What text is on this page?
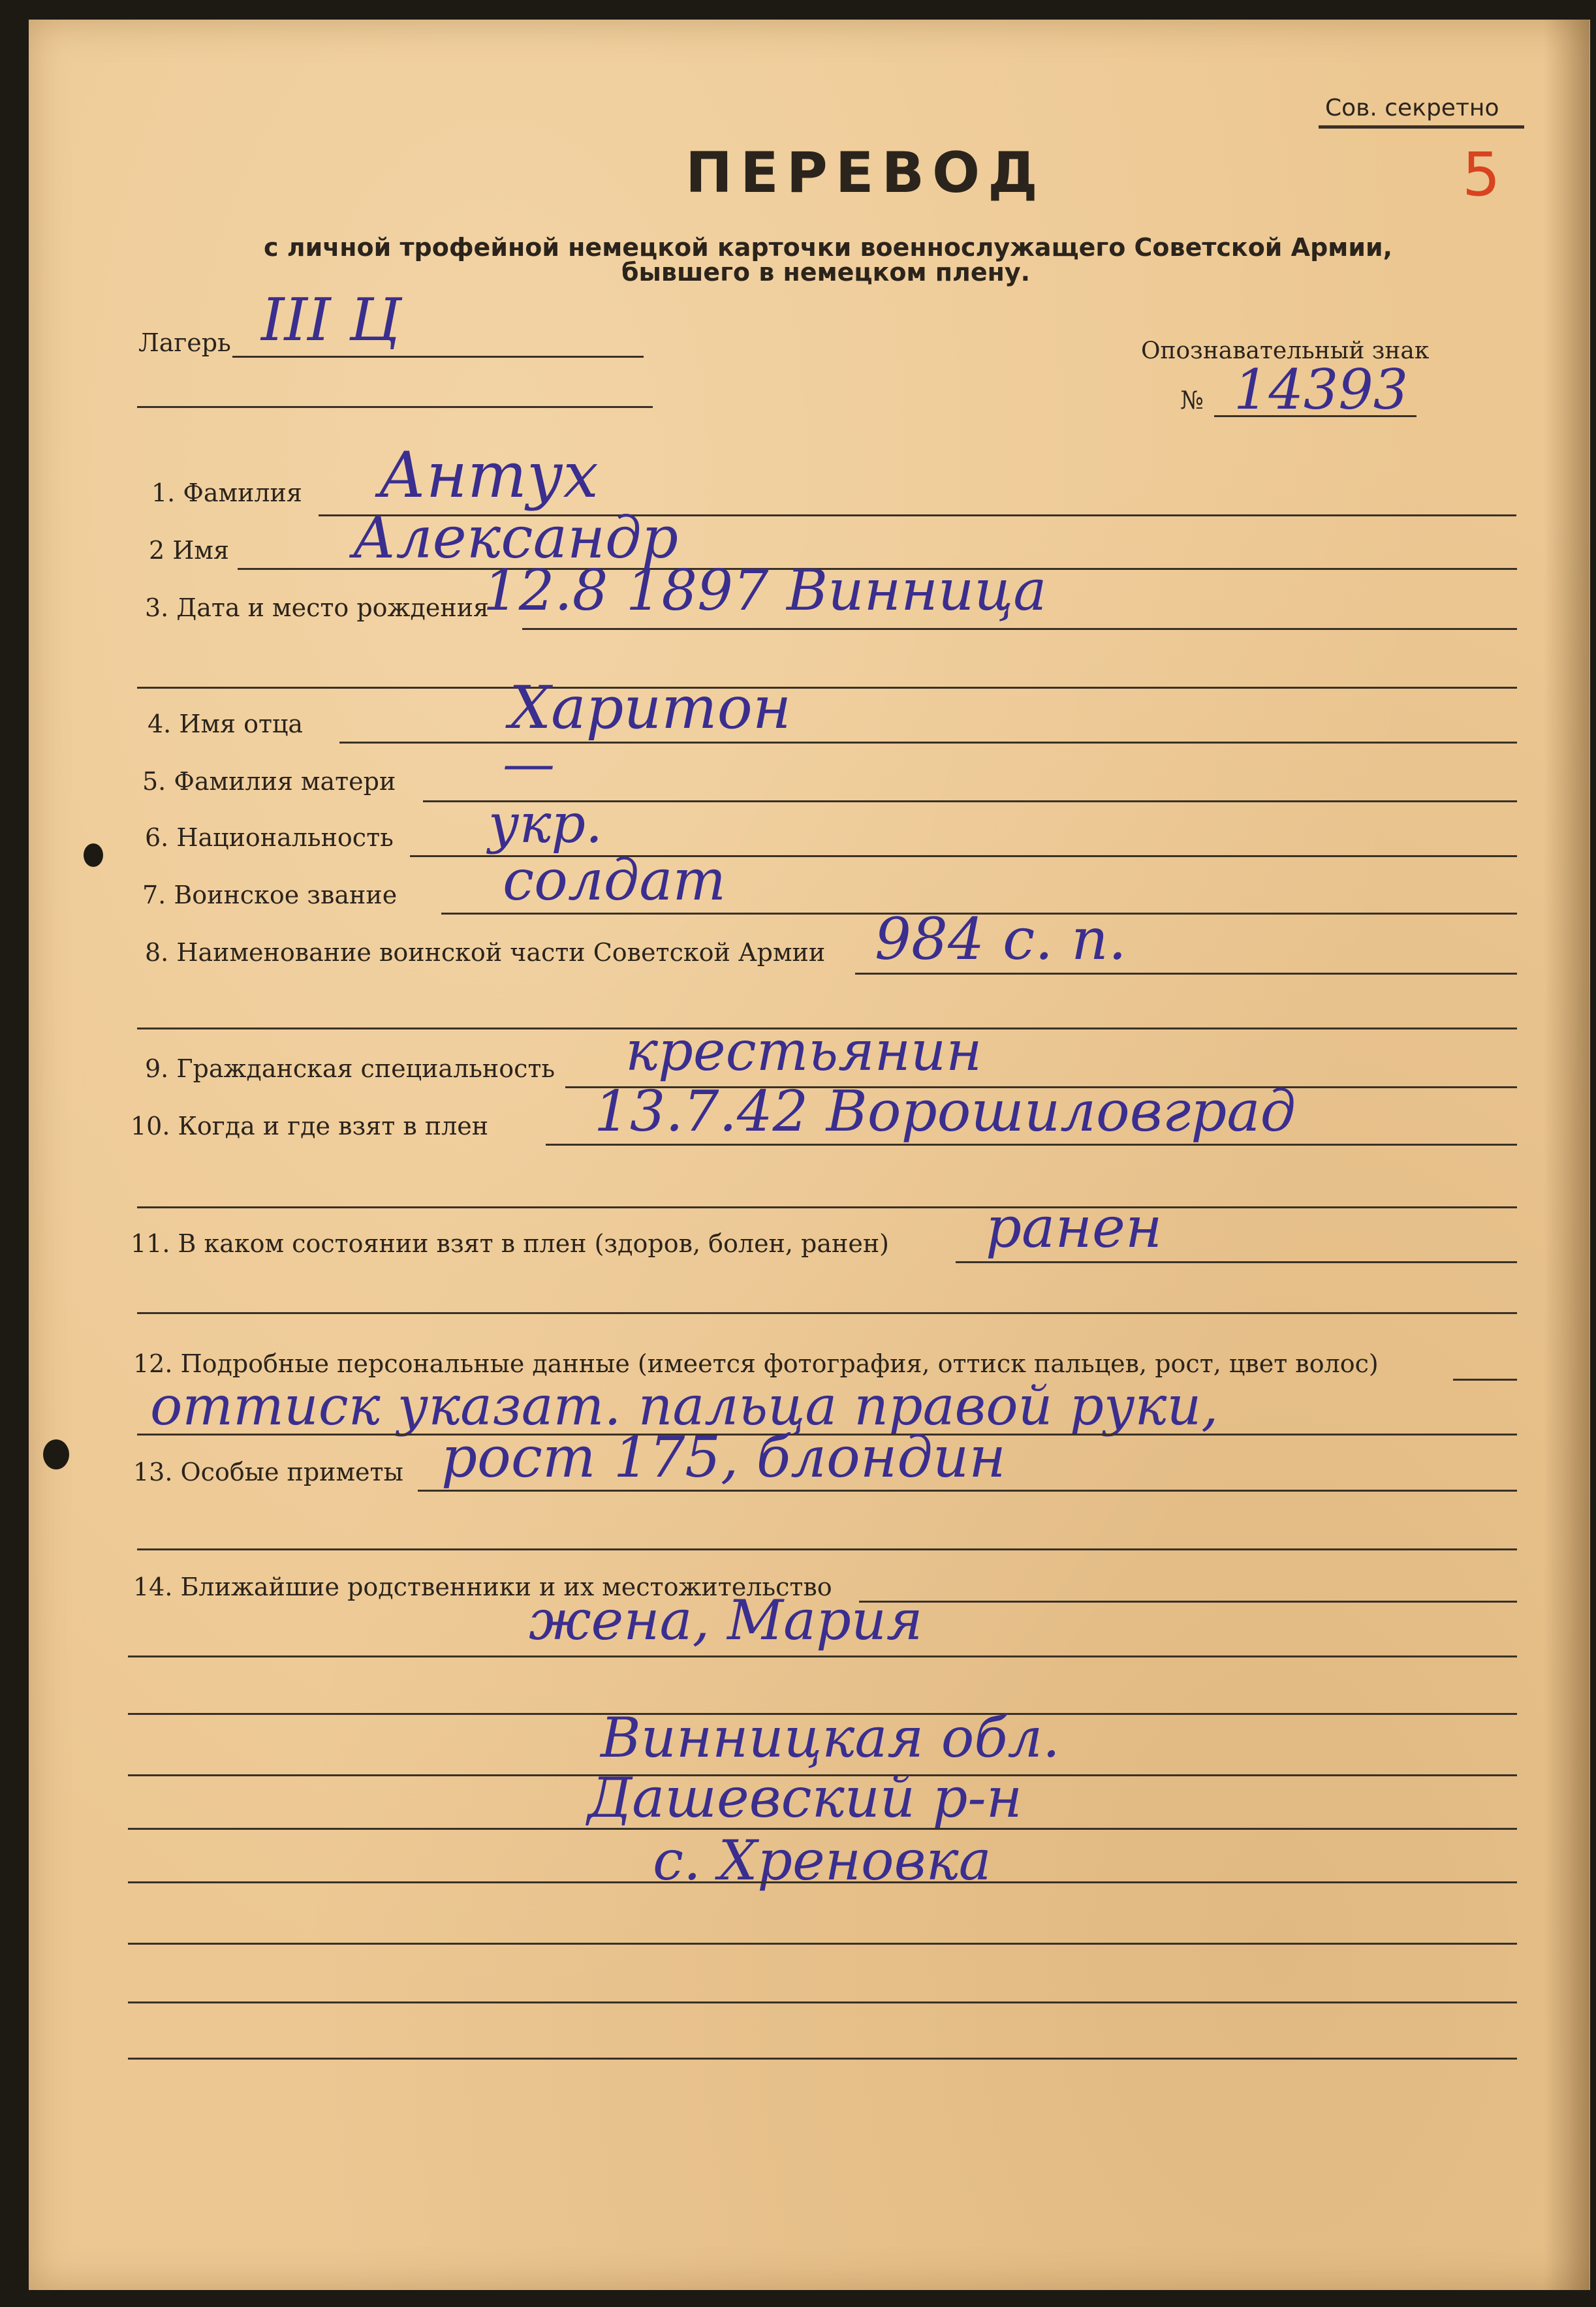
Сов. секретно
5
ПЕРЕВОД
с личной трофейной немецкой карточки военнослужащего Советской Армии,
бывшего в немецком плену.
Лагерь III Ц	Опознавательный знак
№ 14393
1. Фамилия Антух
2 Имя Александр
3. Дата и место рождения
12.8 1897 Винница
4. Имя отца	Харитон
5. Фамилия матери —
6. Национальность укр.
7. Воинское звание солдат
8. Наименование воинской части Советской Армии 984 с. п.
9. Гражданская специальность крестьянин
10. Когда и где взят в плен 13.7.42 Ворошиловград
11. В каком состоянии взят в плен (здоров, болен, ранен) ранен
12. Подробные персональные данные (имеется фотография, оттиск пальцев, рост, цвет волос)
оттиск указат. пальца правой руки,
13. Особые приметы рост 175, блондин
14. Ближайшие родственники и их местожительство
жена, Мария
Винницкая обл.
Дашевский р-н
с. Хреновка
